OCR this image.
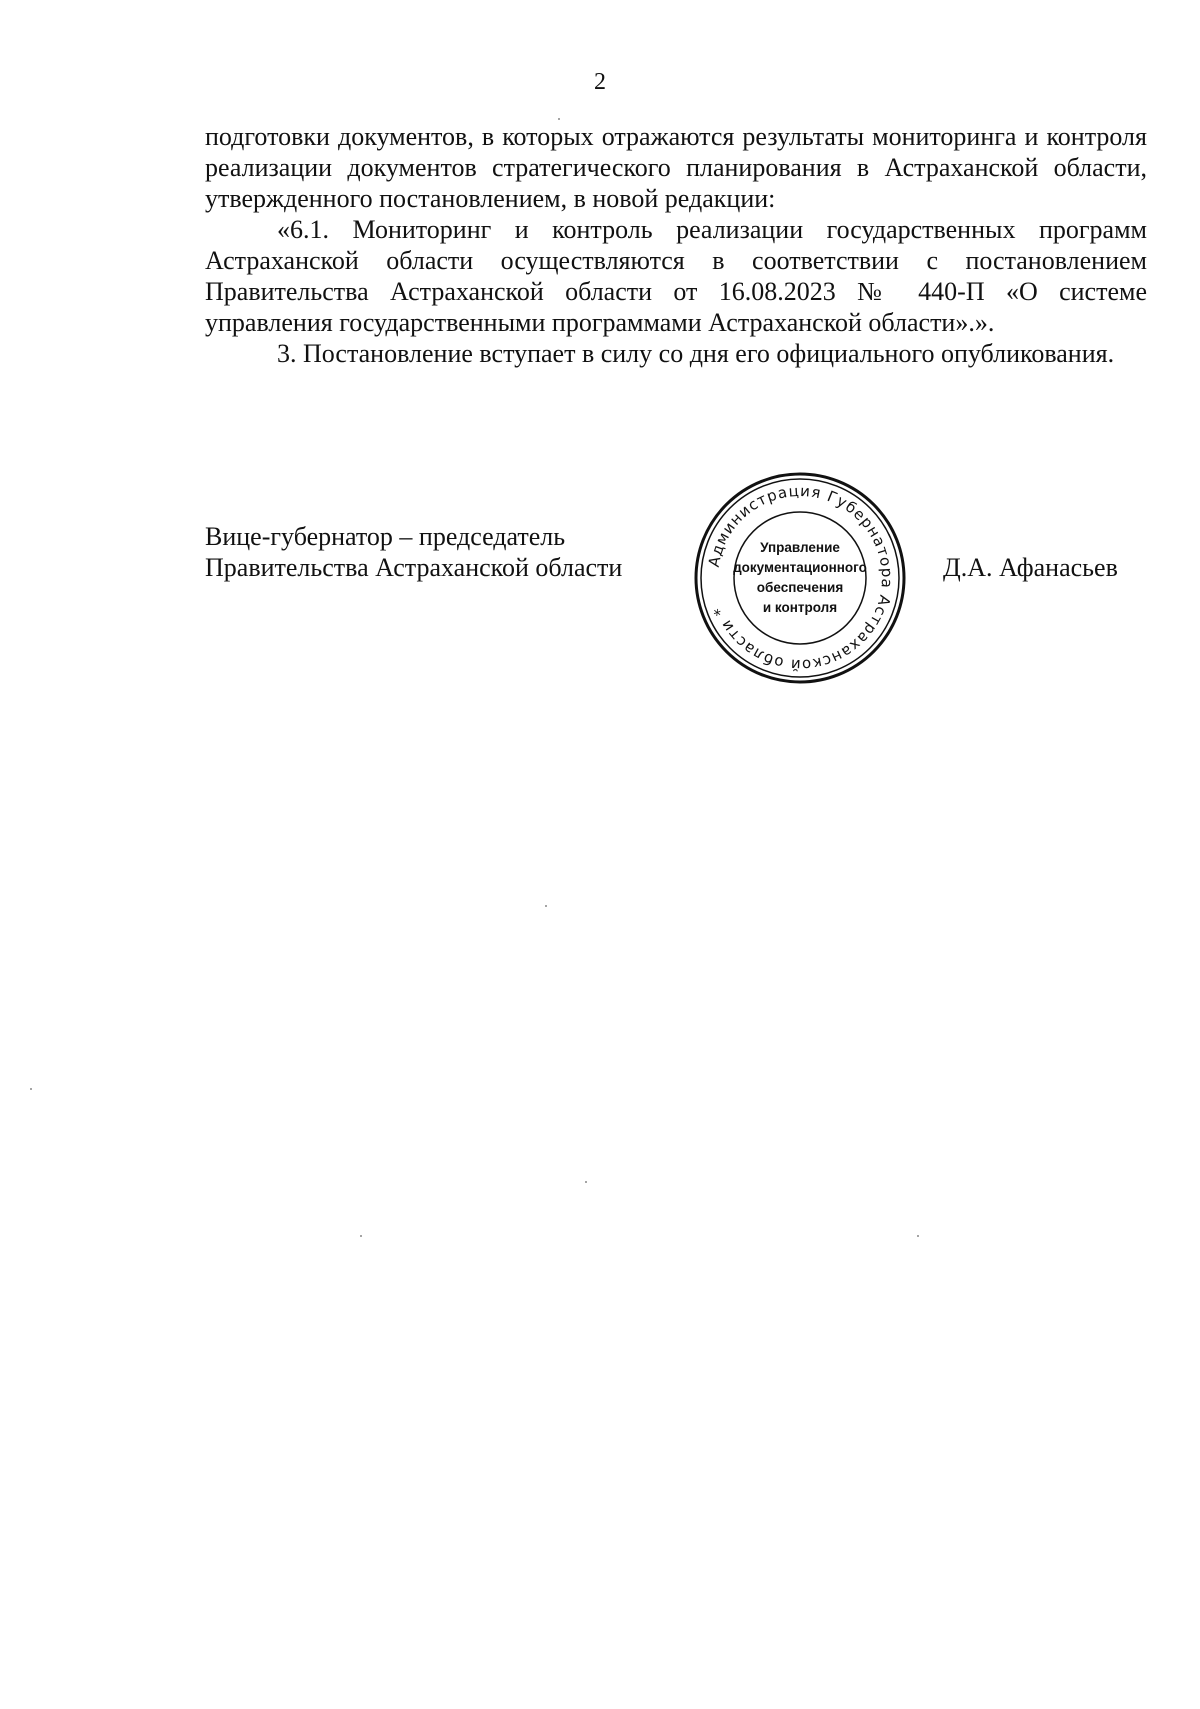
2

подготовки документов, в которых отражаются результаты мониторинга и контроля реализации документов стратегического планирования в Астраханской области, утвержденного постановлением, в новой редакции:

«6.1. Мониторинг и контроль реализации государственных программ Астраханской области осуществляются в соответствии с постановлением Правительства Астраханской области от 16.08.2023 № 440-П «О системе управления государственными программами Астраханской области».».

3. Постановление вступает в силу со дня его официального опубликования.

Вице-губернатор – председатель
Правительства Астраханской области	Администрация Губернатора Астраханской области *
Управление
документационного
обеспечения
и контроля
Д.А. Афанасьев
